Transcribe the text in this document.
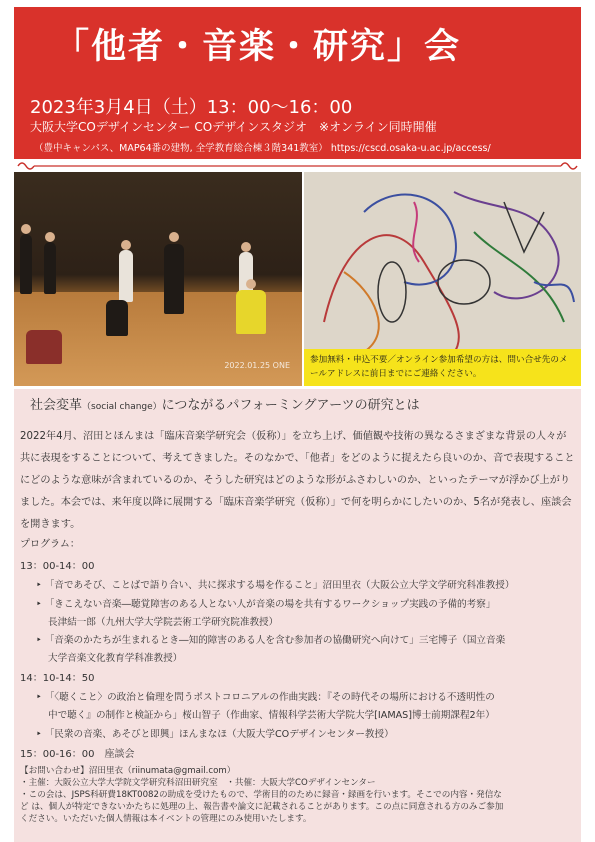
「他者・音楽・研究」会
2023年3月4日（土）13：00〜16：00
大阪大学COデザインセンター COデザインスタジオ　※オンライン同時開催
（豊中キャンパス、MAP64番の建物, 全学教育総合棟３階341教室） https://cscd.osaka-u.ac.jp/access/
2022.01.25 ONE
参加無料・申込不要／オンライン参加希望の方は、問い合せ先のメールアドレスに前日までにご連絡ください。
社会変革（social change）につながるパフォーミングアーツの研究とは
2022年4月、沼田とほんまは「臨床音楽学研究会（仮称）」を立ち上げ、価値観や技術の異なるさまざまな背景の人々が共に表現をすることについて、考えてきました。そのなかで、「他者」をどのように捉えたら良いのか、音で表現することにどのような意味が含まれているのか、そうした研究はどのような形がふさわしいのか、といったテーマが浮かび上がりました。本会では、来年度以降に展開する「臨床音楽学研究（仮称）」で何を明らかにしたいのか、5名が発表し、座談会を開きます。
プログラム：
13：00-14：00
‣ 「音であそび、ことばで語り合い、共に探求する場を作ること」沼田里衣（大阪公立大学文学研究科准教授）
‣ 「きこえない音楽―聴覚障害のある人とない人が音楽の場を共有するワークショップ実践の予備的考察」
長津結一郎（九州大学大学院芸術工学研究院准教授）
‣ 「音楽のかたちが生まれるとき―知的障害のある人を含む参加者の協働研究へ向けて」三宅博子（国立音楽
大学音楽文化教育学科准教授）
14：10-14：50
‣ 「〈聴くこと〉の政治と倫理を問うポストコロニアルの作曲実践：『その時代その場所における不透明性の
中で聴く』の制作と検証から」桜山智子（作曲家、情報科学芸術大学院大学[IAMAS]博士前期課程2年）
‣ 「民衆の音楽、あそびと即興」ほんまなほ（大阪大学COデザインセンター教授）
15：00-16：00　 座談会
【お問い合わせ】沼田里衣（riinumata@gmail.com）
・主催：大阪公立大学大学院文学研究科沼田研究室　・共催：大阪大学COデザインセンター
・この会は、JSPS科研費18KT0082の助成を受けたもので、学術目的のために録音・録画を行います。そこでの内容・発信な
ど は、個人が特定できないかたちに処理の上、報告書や論文に記載されることがあります。この点に同意される方のみご参加
ください。いただいた個人情報は本イベントの管理にのみ使用いたします。
